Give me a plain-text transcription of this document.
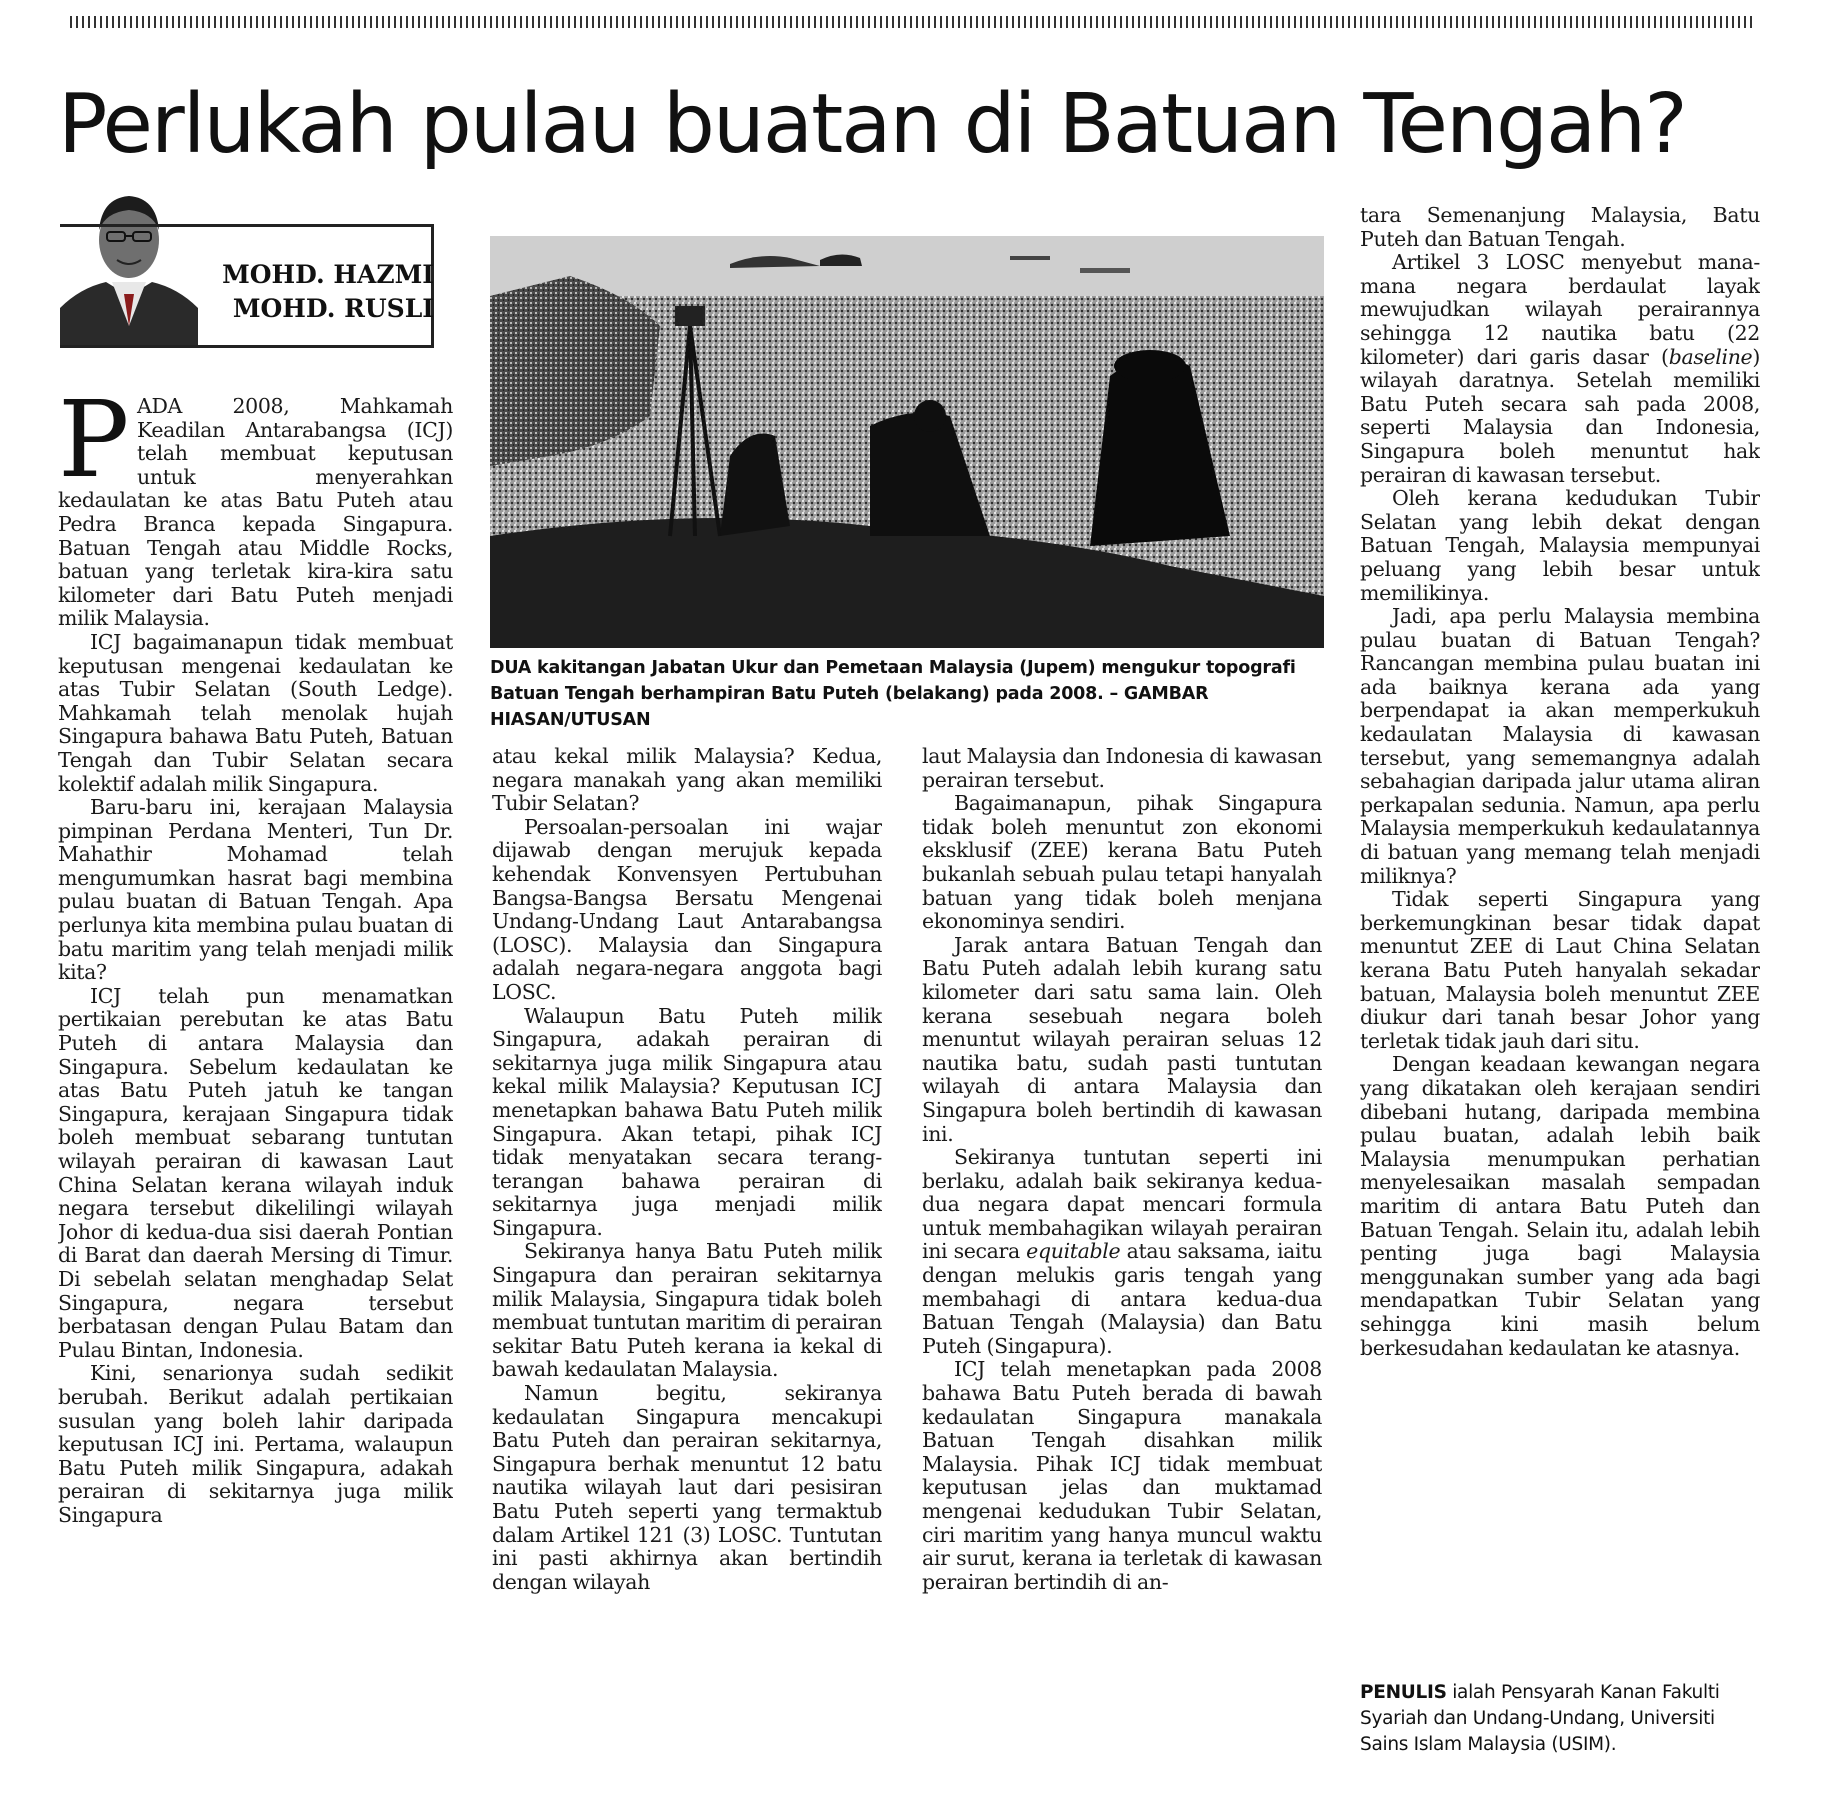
Perlukah pulau buatan di Batuan Tengah?
MOHD. HAZMI
MOHD. RUSLI
DUA kakitangan Jabatan Ukur dan Pemetaan Malaysia (Jupem) mengukur topografi Batuan Tengah berhampiran Batu Puteh (belakang) pada 2008. – GAMBAR HIASAN/UTUSAN

PADA 2008, Mahkamah Keadilan Antarabangsa (ICJ) telah membuat keputusan untuk menyerahkan kedaulatan ke atas Batu Puteh atau Pedra Branca kepada Singapura. Batuan Tengah atau Middle Rocks, batuan yang terletak kira-kira satu kilometer dari Batu Puteh menjadi milik Malaysia.

ICJ bagaimanapun tidak membuat keputusan mengenai kedaulatan ke atas Tubir Selatan (South Ledge). Mahkamah telah menolak hujah Singapura bahawa Batu Puteh, Batuan Tengah dan Tubir Selatan secara kolektif adalah milik Singapura.

Baru-baru ini, kerajaan Malaysia pimpinan Perdana Menteri, Tun Dr. Mahathir Mohamad telah mengumumkan hasrat bagi membina pulau buatan di Batuan Tengah. Apa perlunya kita membina pulau buatan di batu maritim yang telah menjadi milik kita?

ICJ telah pun menamatkan pertikaian perebutan ke atas Batu Puteh di antara Malaysia dan Singapura. Sebelum kedaulatan ke atas Batu Puteh jatuh ke tangan Singapura, kerajaan Singapura tidak boleh membuat sebarang tuntutan wilayah perairan di kawasan Laut China Selatan kerana wilayah induk negara tersebut dikelilingi wilayah Johor di kedua-dua sisi daerah Pontian di Barat dan daerah Mersing di Timur. Di sebelah selatan menghadap Selat Singapura, negara tersebut berbatasan dengan Pulau Batam dan Pulau Bintan, Indonesia.

Kini, senarionya sudah sedikit berubah. Berikut adalah pertikaian susulan yang boleh lahir daripada keputusan ICJ ini. Pertama, walaupun Batu Puteh milik Singapura, adakah perairan di sekitarnya juga milik Singapura

atau kekal milik Malaysia? Kedua, negara manakah yang akan memiliki Tubir Selatan?

Persoalan-persoalan ini wajar dijawab dengan merujuk kepada kehendak Konvensyen Pertubuhan Bangsa-Bangsa Bersatu Mengenai Undang-Undang Laut Antarabangsa (LOSC). Malaysia dan Singapura adalah negara-negara anggota bagi LOSC.

Walaupun Batu Puteh milik Singapura, adakah perairan di sekitarnya juga milik Singapura atau kekal milik Malaysia? Keputusan ICJ menetapkan bahawa Batu Puteh milik Singapura. Akan tetapi, pihak ICJ tidak menyatakan secara terang-terangan bahawa perairan di sekitarnya juga menjadi milik Singapura.

Sekiranya hanya Batu Puteh milik Singapura dan perairan sekitarnya milik Malaysia, Singapura tidak boleh membuat tuntutan maritim di perairan sekitar Batu Puteh kerana ia kekal di bawah kedaulatan Malaysia.

Namun begitu, sekiranya kedaulatan Singapura mencakupi Batu Puteh dan perairan sekitarnya, Singapura berhak menuntut 12 batu nautika wilayah laut dari pesisiran Batu Puteh seperti yang termaktub dalam Artikel 121 (3) LOSC. Tuntutan ini pasti akhirnya akan bertindih dengan wilayah

laut Malaysia dan Indonesia di kawasan perairan tersebut.

Bagaimanapun, pihak Singapura tidak boleh menuntut zon ekonomi eksklusif (ZEE) kerana Batu Puteh bukanlah sebuah pulau tetapi hanyalah batuan yang tidak boleh menjana ekonominya sendiri.

Jarak antara Batuan Tengah dan Batu Puteh adalah lebih kurang satu kilometer dari satu sama lain. Oleh kerana sesebuah negara boleh menuntut wilayah perairan seluas 12 nautika batu, sudah pasti tuntutan wilayah di antara Malaysia dan Singapura boleh bertindih di kawasan ini.

Sekiranya tuntutan seperti ini berlaku, adalah baik sekiranya kedua-dua negara dapat mencari formula untuk membahagikan wilayah perairan ini secara equitable atau saksama, iaitu dengan melukis garis tengah yang membahagi di antara kedua-dua Batuan Tengah (Malaysia) dan Batu Puteh (Singapura).

ICJ telah menetapkan pada 2008 bahawa Batu Puteh berada di bawah kedaulatan Singapura manakala Batuan Tengah disahkan milik Malaysia. Pihak ICJ tidak membuat keputusan jelas dan muktamad mengenai kedudukan Tubir Selatan, ciri maritim yang hanya muncul waktu air surut, kerana ia terletak di kawasan perairan bertindih di an-

tara Semenanjung Malaysia, Batu Puteh dan Batuan Tengah.

Artikel 3 LOSC menyebut mana-mana negara berdaulat layak mewujudkan wilayah perairannya sehingga 12 nautika batu (22 kilometer) dari garis dasar (baseline) wilayah daratnya. Setelah memiliki Batu Puteh secara sah pada 2008, seperti Malaysia dan Indonesia, Singapura boleh menuntut hak perairan di kawasan tersebut.

Oleh kerana kedudukan Tubir Selatan yang lebih dekat dengan Batuan Tengah, Malaysia mempunyai peluang yang lebih besar untuk memilikinya.

Jadi, apa perlu Malaysia membina pulau buatan di Batuan Tengah? Rancangan membina pulau buatan ini ada baiknya kerana ada yang berpendapat ia akan memperkukuh kedaulatan Malaysia di kawasan tersebut, yang sememangnya adalah sebahagian daripada jalur utama aliran perkapalan sedunia. Namun, apa perlu Malaysia memperkukuh kedaulatannya di batuan yang memang telah menjadi miliknya?

Tidak seperti Singapura yang berkemungkinan besar tidak dapat menuntut ZEE di Laut China Selatan kerana Batu Puteh hanyalah sekadar batuan, Malaysia boleh menuntut ZEE diukur dari tanah besar Johor yang terletak tidak jauh dari situ.

Dengan keadaan kewangan negara yang dikatakan oleh kerajaan sendiri dibebani hutang, daripada membina pulau buatan, adalah lebih baik Malaysia menumpukan perhatian menyelesaikan masalah sempadan maritim di antara Batu Puteh dan Batuan Tengah. Selain itu, adalah lebih penting juga bagi Malaysia menggunakan sumber yang ada bagi mendapatkan Tubir Selatan yang sehingga kini masih belum berkesudahan kedaulatan ke atasnya.

PENULIS ialah Pensyarah Kanan Fakulti Syariah dan Undang-Undang, Universiti Sains Islam Malaysia (USIM).
